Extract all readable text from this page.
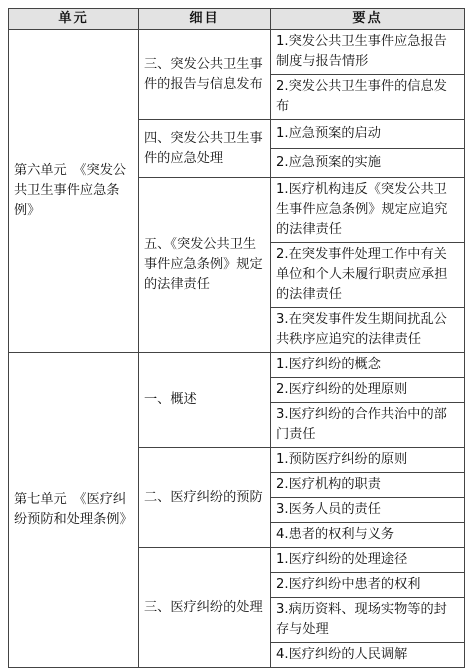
单元	细目	要点
第六单元　《突发公共卫生事件应急条例》	三、突发公共卫生事件的报告与信息发布	1.突发公共卫生事件应急报告制度与报告情形
		2.突发公共卫生事件的信息发布
	四、突发公共卫生事件的应急处理	1.应急预案的启动
		2.应急预案的实施
	五、《突发公共卫生事件应急条例》规定的法律责任	1.医疗机构违反《突发公共卫生事件应急条例》规定应追究的法律责任
		2.在突发事件处理工作中有关单位和个人未履行职责应承担的法律责任
		3.在突发事件发生期间扰乱公共秩序应追究的法律责任
第七单元　《医疗纠纷预防和处理条例》	一、概述	1.医疗纠纷的概念
		2.医疗纠纷的处理原则
		3.医疗纠纷的合作共治中的部门责任
	二、医疗纠纷的预防	1.预防医疗纠纷的原则
		2.医疗机构的职责
		3.医务人员的责任
		4.患者的权利与义务
	三、医疗纠纷的处理	1.医疗纠纷的处理途径
		2.医疗纠纷中患者的权利
		3.病历资料、现场实物等的封存与处理
		4.医疗纠纷的人民调解
